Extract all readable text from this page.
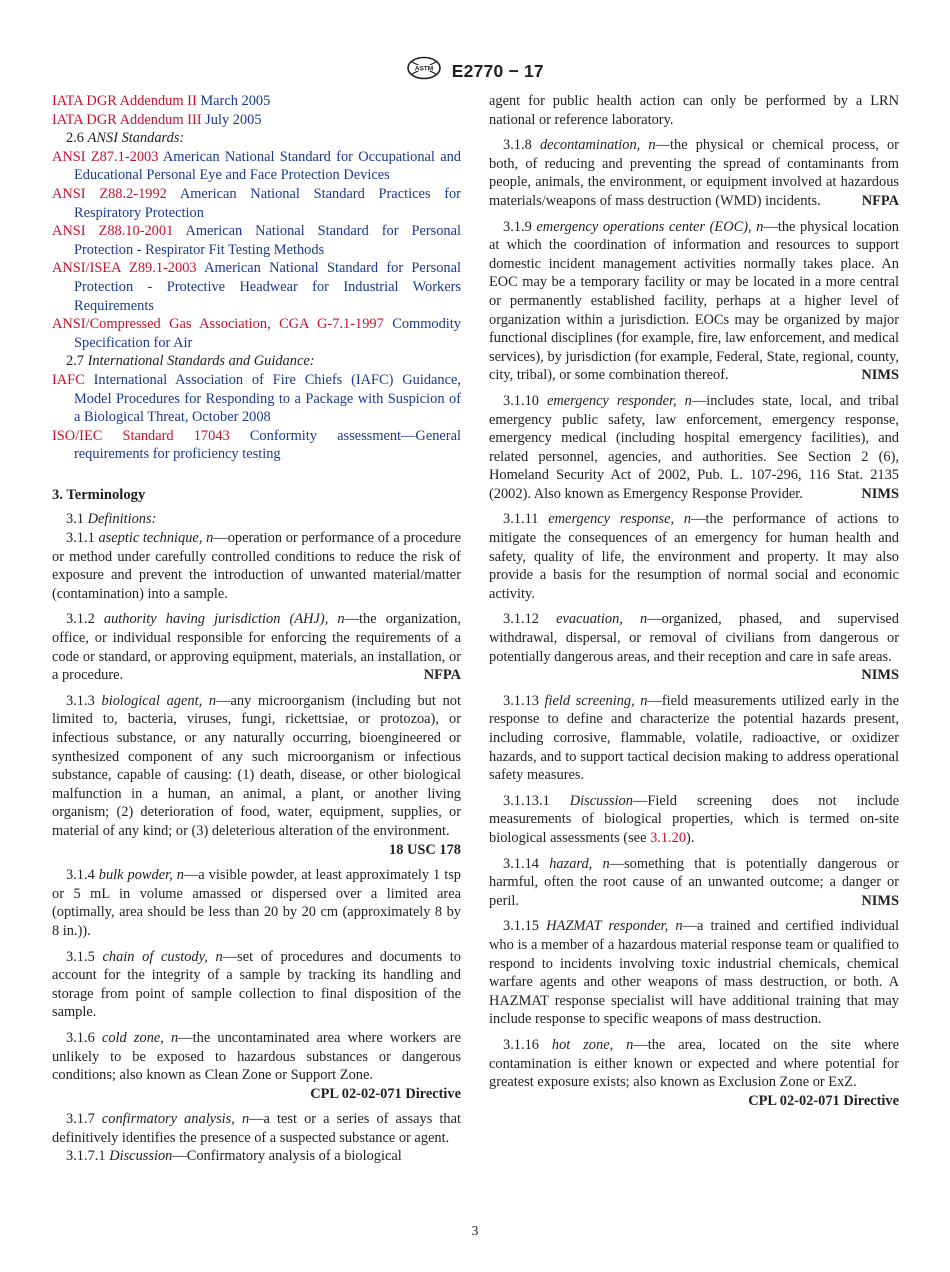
ASTM E2770 − 17

IATA DGR Addendum II March 2005

IATA DGR Addendum III July 2005

2.6 ANSI Standards:

ANSI Z87.1-2003 American National Standard for Occupational and Educational Personal Eye and Face Protection Devices

ANSI Z88.2-1992 American National Standard Practices for Respiratory Protection

ANSI Z88.10-2001 American National Standard for Personal Protection - Respirator Fit Testing Methods

ANSI/ISEA Z89.1-2003 American National Standard for Personal Protection - Protective Headwear for Industrial Workers Requirements

ANSI/Compressed Gas Association, CGA G-7.1-1997 Commodity Specification for Air

2.7 International Standards and Guidance:

IAFC International Association of Fire Chiefs (IAFC) Guidance, Model Procedures for Responding to a Package with Suspicion of a Biological Threat, October 2008

ISO/IEC Standard 17043 Conformity assessment—General requirements for proficiency testing

3. Terminology

3.1 Definitions:

3.1.1 aseptic technique, n—operation or performance of a procedure or method under carefully controlled conditions to reduce the risk of exposure and prevent the introduction of unwanted material/matter (contamination) into a sample.

3.1.2 authority having jurisdiction (AHJ), n—the organization, office, or individual responsible for enforcing the requirements of a code or standard, or approving equipment, materials, an installation, or a procedure.	NFPA

3.1.3 biological agent, n—any microorganism (including but not limited to, bacteria, viruses, fungi, rickettsiae, or protozoa), or infectious substance, or any naturally occurring, bioengineered or synthesized component of any such microorganism or infectious substance, capable of causing: (1) death, disease, or other biological malfunction in a human, an animal, a plant, or another living organism; (2) deterioration of food, water, equipment, supplies, or material of any kind; or (3) deleterious alteration of the environment.
18 USC 178

3.1.4 bulk powder, n—a visible powder, at least approximately 1 tsp or 5 mL in volume amassed or dispersed over a limited area (optimally, area should be less than 20 by 20 cm (approximately 8 by 8 in.)).

3.1.5 chain of custody, n—set of procedures and documents to account for the integrity of a sample by tracking its handling and storage from point of sample collection to final disposition of the sample.

3.1.6 cold zone, n—the uncontaminated area where workers are unlikely to be exposed to hazardous substances or dangerous conditions; also known as Clean Zone or Support Zone.

CPL 02-02-071 Directive

3.1.7 confirmatory analysis, n—a test or a series of assays that definitively identifies the presence of a suspected substance or agent.

3.1.7.1 Discussion—Confirmatory analysis of a biological

agent for public health action can only be performed by a LRN national or reference laboratory.

3.1.8 decontamination, n—the physical or chemical process, or both, of reducing and preventing the spread of contaminants from people, animals, the environment, or equipment involved at hazardous materials/weapons of mass destruction (WMD) incidents.	NFPA

3.1.9 emergency operations center (EOC), n—the physical location at which the coordination of information and resources to support domestic incident management activities normally takes place. An EOC may be a temporary facility or may be located in a more central or permanently established facility, perhaps at a higher level of organization within a jurisdiction. EOCs may be organized by major functional disciplines (for example, fire, law enforcement, and medical services), by jurisdiction (for example, Federal, State, regional, county, city, tribal), or some combination thereof.	NIMS

3.1.10 emergency responder, n—includes state, local, and tribal emergency public safety, law enforcement, emergency response, emergency medical (including hospital emergency facilities), and related personnel, agencies, and authorities. See Section 2 (6), Homeland Security Act of 2002, Pub. L. 107-296, 116 Stat. 2135 (2002). Also known as Emergency Response Provider.	NIMS

3.1.11 emergency response, n—the performance of actions to mitigate the consequences of an emergency for human health and safety, quality of life, the environment and property. It may also provide a basis for the resumption of normal social and economic activity.

3.1.12 evacuation, n—organized, phased, and supervised withdrawal, dispersal, or removal of civilians from dangerous or potentially dangerous areas, and their reception and care in safe areas.
NIMS

3.1.13 field screening, n—field measurements utilized early in the response to define and characterize the potential hazards present, including corrosive, flammable, volatile, radioactive, or oxidizer hazards, and to support tactical decision making to address operational safety measures.

3.1.13.1 Discussion—Field screening does not include measurements of biological properties, which is termed on-site biological assessments (see 3.1.20).

3.1.14 hazard, n—something that is potentially dangerous or harmful, often the root cause of an unwanted outcome; a danger or peril.	NIMS

3.1.15 HAZMAT responder, n—a trained and certified individual who is a member of a hazardous material response team or qualified to respond to incidents involving toxic industrial chemicals, chemical warfare agents and other weapons of mass destruction, or both. A HAZMAT response specialist will have additional training that may include response to specific weapons of mass destruction.

3.1.16 hot zone, n—the area, located on the site where contamination is either known or expected and where potential for greatest exposure exists; also known as Exclusion Zone or ExZ.
CPL 02-02-071 Directive

3
